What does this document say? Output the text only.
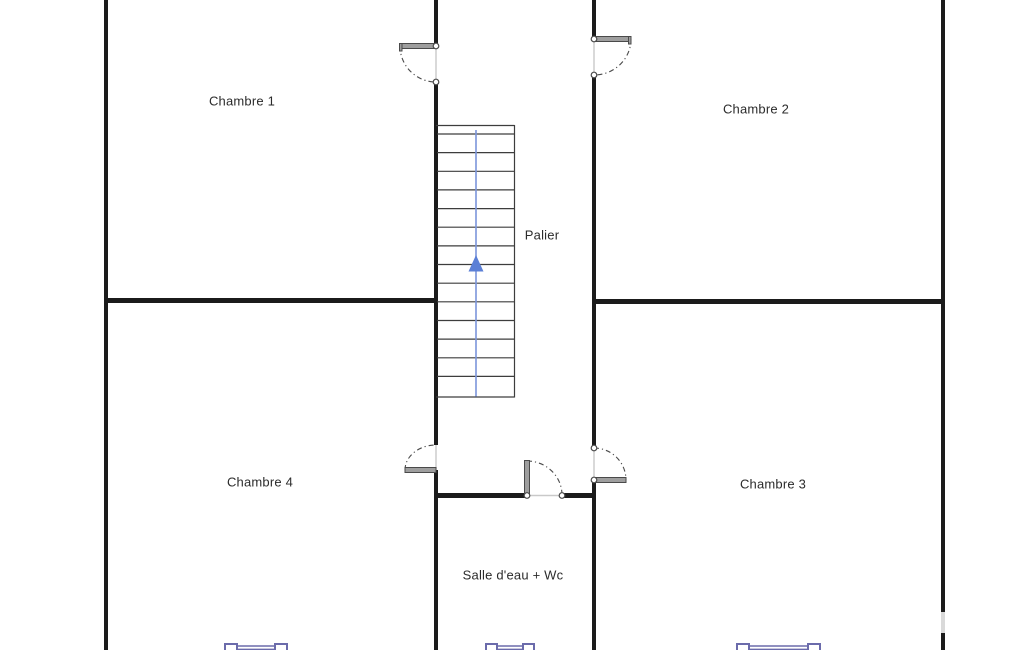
Chambre 1
Chambre 2
Palier
Chambre 4	Chambre 3
Salle d'eau + Wc
